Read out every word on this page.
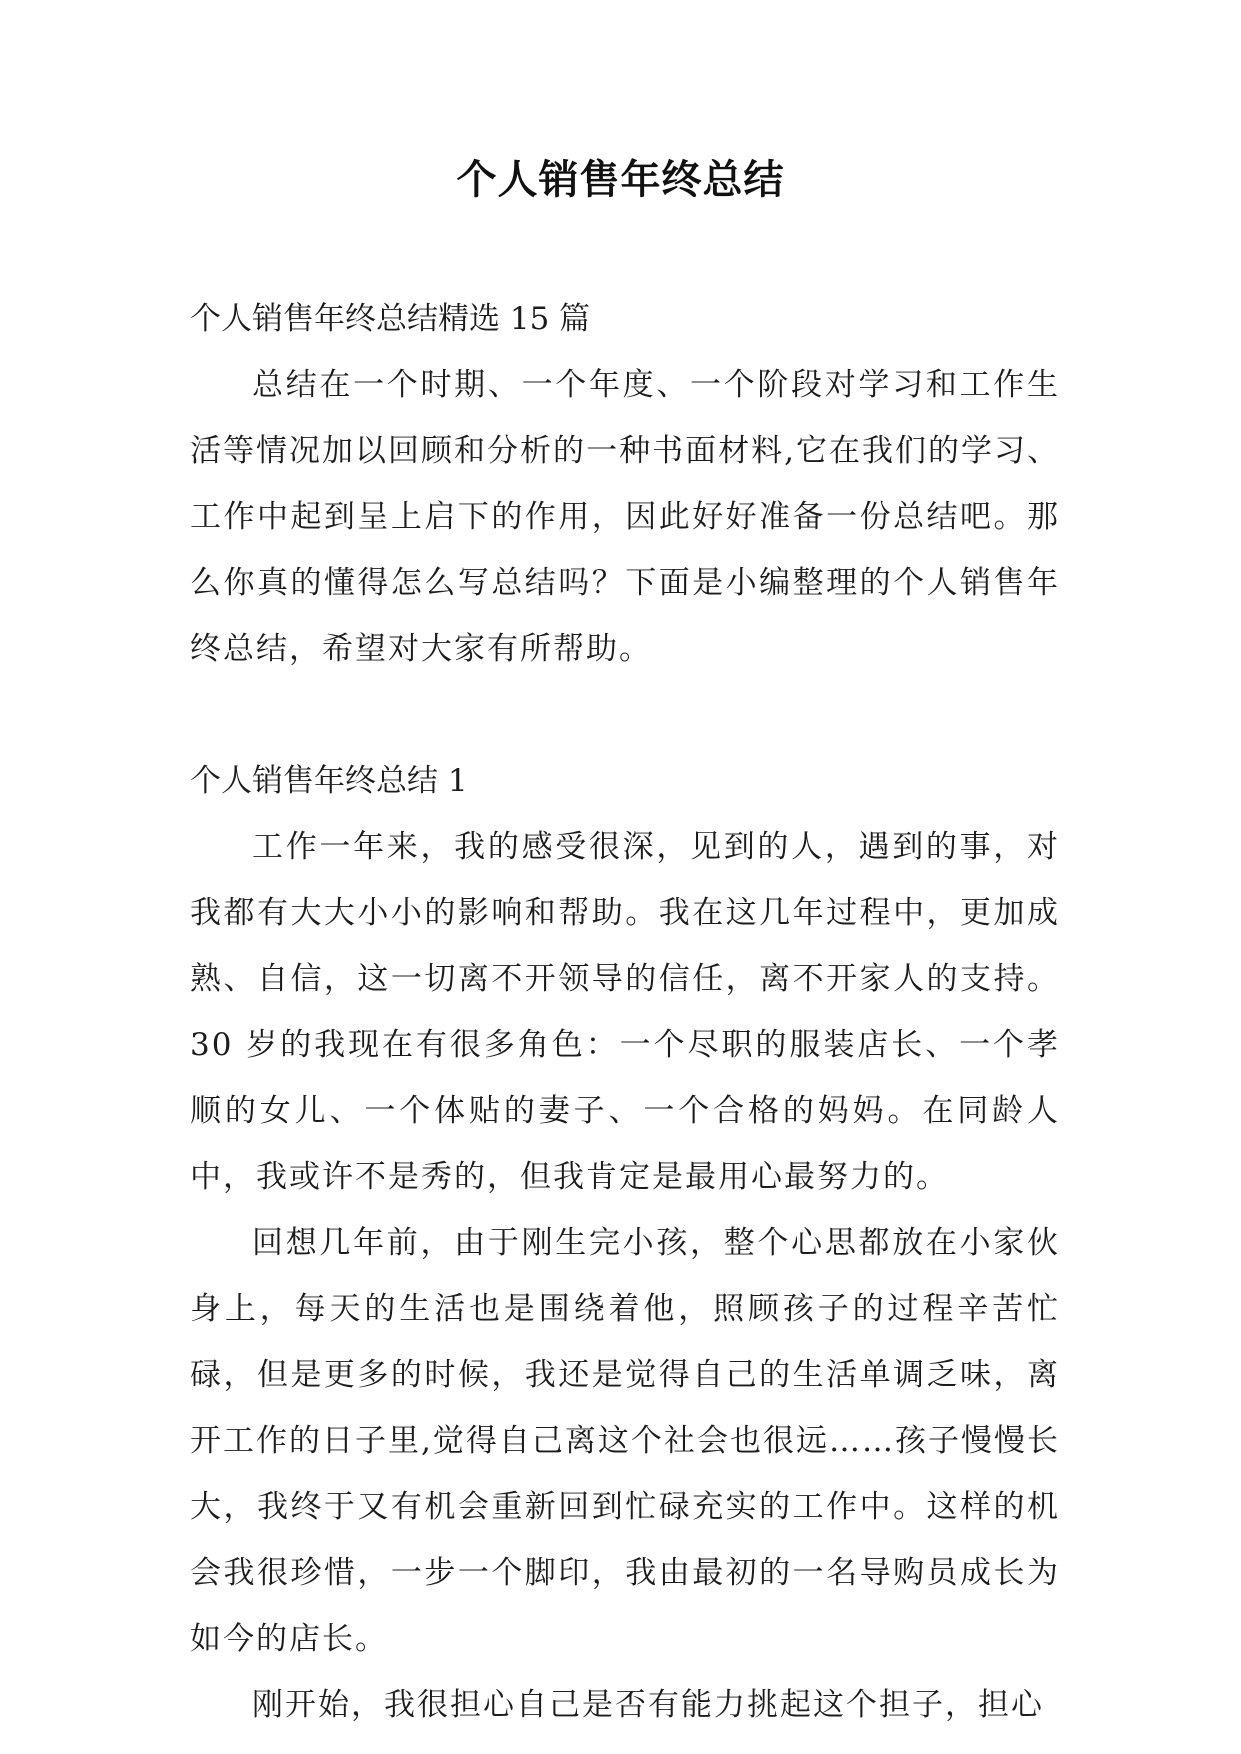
个人销售年终总结

个人销售年终总结精选 15 篇

总结在一个时期、一个年度、一个阶段对学习和工作生活等情况加以回顾和分析的一种书面材料,它在我们的学习、工作中起到呈上启下的作用，因此好好准备一份总结吧。那么你真的懂得怎么写总结吗？下面是小编整理的个人销售年终总结，希望对大家有所帮助。

个人销售年终总结 1

工作一年来，我的感受很深，见到的人，遇到的事，对我都有大大小小的影响和帮助。我在这几年过程中，更加成熟、自信，这一切离不开领导的信任，离不开家人的支持。30 岁的我现在有很多角色：一个尽职的服装店长、一个孝顺的女儿、一个体贴的妻子、一个合格的妈妈。在同龄人中，我或许不是秀的，但我肯定是最用心最努力的。

回想几年前，由于刚生完小孩，整个心思都放在小家伙身上，每天的生活也是围绕着他，照顾孩子的过程辛苦忙碌，但是更多的时候，我还是觉得自己的生活单调乏味，离开工作的日子里,觉得自己离这个社会也很远……孩子慢慢长大，我终于又有机会重新回到忙碌充实的工作中。这样的机会我很珍惜，一步一个脚印，我由最初的一名导购员成长为如今的店长。

刚开始，我很担心自己是否有能力挑起这个担子，担心
